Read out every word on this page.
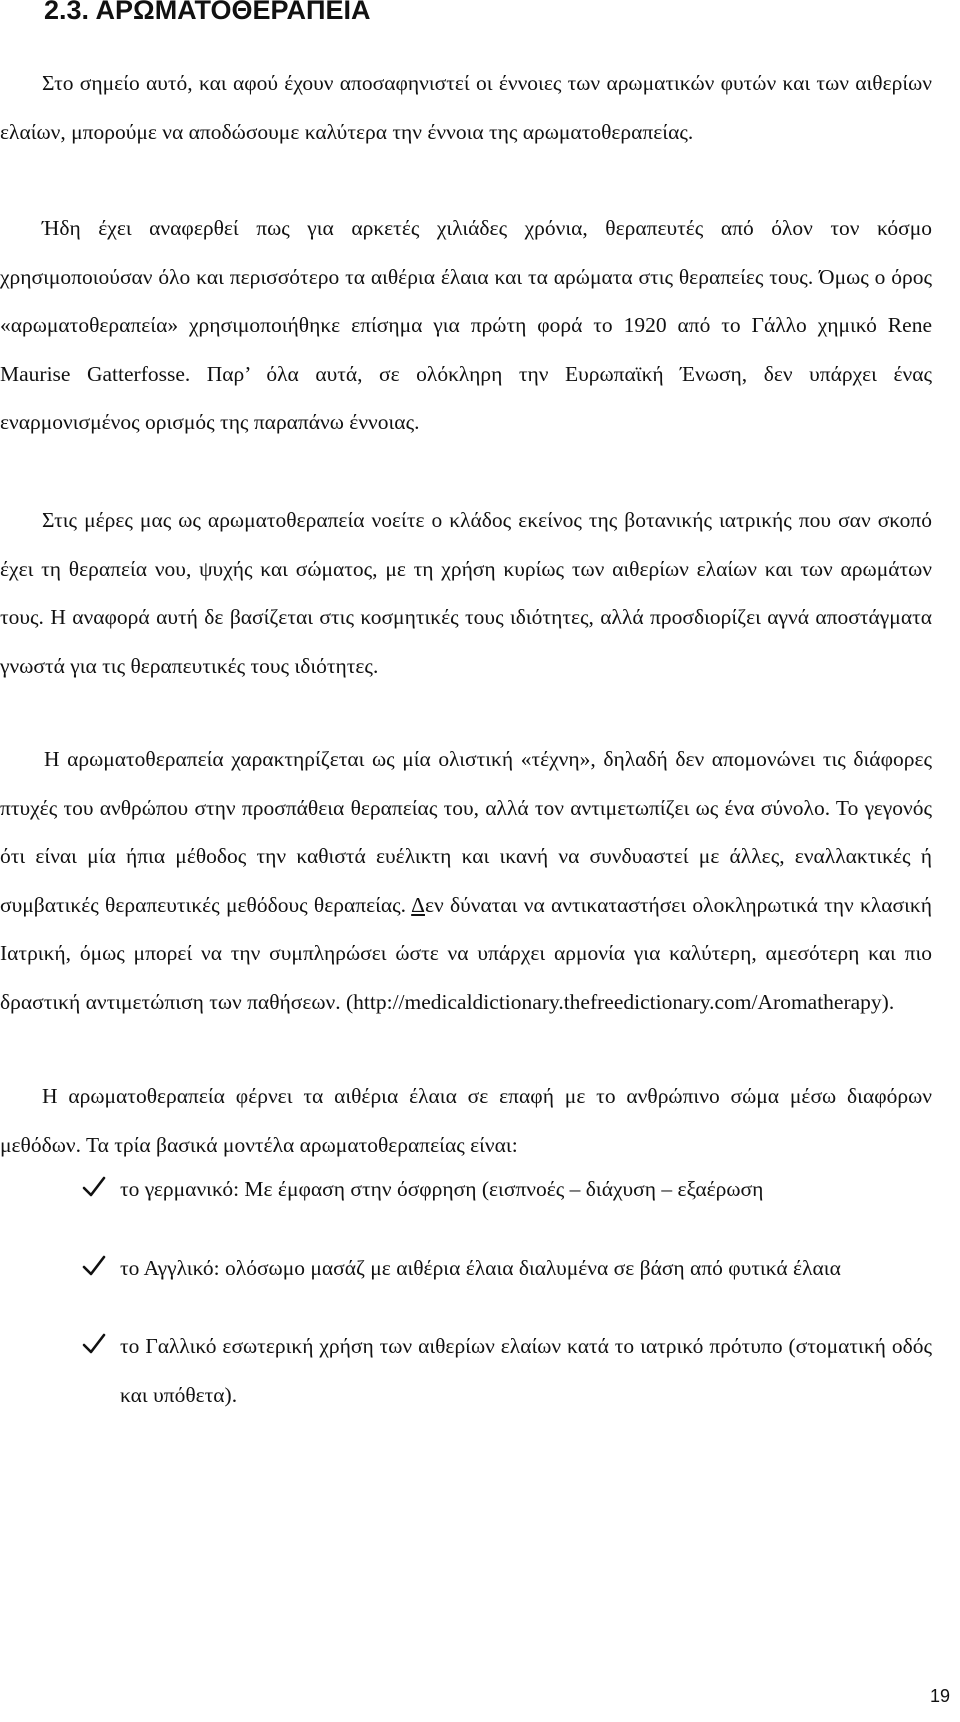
2.3. ΑΡΩΜΑΤΟΘΕΡΑΠΕΙΑ

Στο σημείο αυτό, και αφού έχουν αποσαφηνιστεί οι έννοιες των αρωματικών φυτών και των αιθερίων ελαίων, μπορούμε να αποδώσουμε καλύτερα την έννοια της αρωματοθεραπείας.

Ήδη έχει αναφερθεί πως για αρκετές χιλιάδες χρόνια, θεραπευτές από όλον τον κόσμο χρησιμοποιούσαν όλο και περισσότερο τα αιθέρια έλαια και τα αρώματα στις θεραπείες τους. Όμως ο όρος «αρωματοθεραπεία» χρησιμοποιήθηκε επίσημα για πρώτη φορά το 1920 από το Γάλλο χημικό Rene Maurise Gatterfosse. Παρ’ όλα αυτά, σε ολόκληρη την Ευρωπαϊκή Ένωση, δεν υπάρχει ένας εναρμονισμένος ορισμός της παραπάνω έννοιας.

Στις μέρες μας ως αρωματοθεραπεία νοείτε ο κλάδος εκείνος της βοτανικής ιατρικής που σαν σκοπό έχει τη θεραπεία νου, ψυχής και σώματος, με τη χρήση κυρίως των αιθερίων ελαίων και των αρωμάτων τους. Η αναφορά αυτή δε βασίζεται στις κοσμητικές τους ιδιότητες, αλλά προσδιορίζει αγνά αποστάγματα γνωστά για τις θεραπευτικές τους ιδιότητες.

Η αρωματοθεραπεία χαρακτηρίζεται ως μία ολιστική «τέχνη», δηλαδή δεν απομονώνει τις διάφορες πτυχές του ανθρώπου στην προσπάθεια θεραπείας του, αλλά τον αντιμετωπίζει ως ένα σύνολο. Το γεγονός ότι είναι μία ήπια μέθοδος την καθιστά ευέλικτη και ικανή να συνδυαστεί με άλλες, εναλλακτικές ή συμβατικές θεραπευτικές μεθόδους θεραπείας. Δεν δύναται να αντικαταστήσει ολοκληρωτικά την κλασική Ιατρική, όμως μπορεί να την συμπληρώσει ώστε να υπάρχει αρμονία για καλύτερη, αμεσότερη και πιο δραστική αντιμετώπιση των παθήσεων. (http://medicaldictionary.thefreedictionary.com/Aromatherapy).

Η αρωματοθεραπεία φέρνει τα αιθέρια έλαια σε επαφή με το ανθρώπινο σώμα μέσω διαφόρων μεθόδων. Τα τρία βασικά μοντέλα αρωματοθεραπείας είναι:

το γερμανικό: Με έμφαση στην όσφρηση (εισπνοές – διάχυση – εξαέρωση
το Αγγλικό: ολόσωμο μασάζ με αιθέρια έλαια διαλυμένα σε βάση από φυτικά έλαια
το Γαλλικό εσωτερική χρήση των αιθερίων ελαίων κατά το ιατρικό πρότυπο (στοματική οδός και υπόθετα).
19
